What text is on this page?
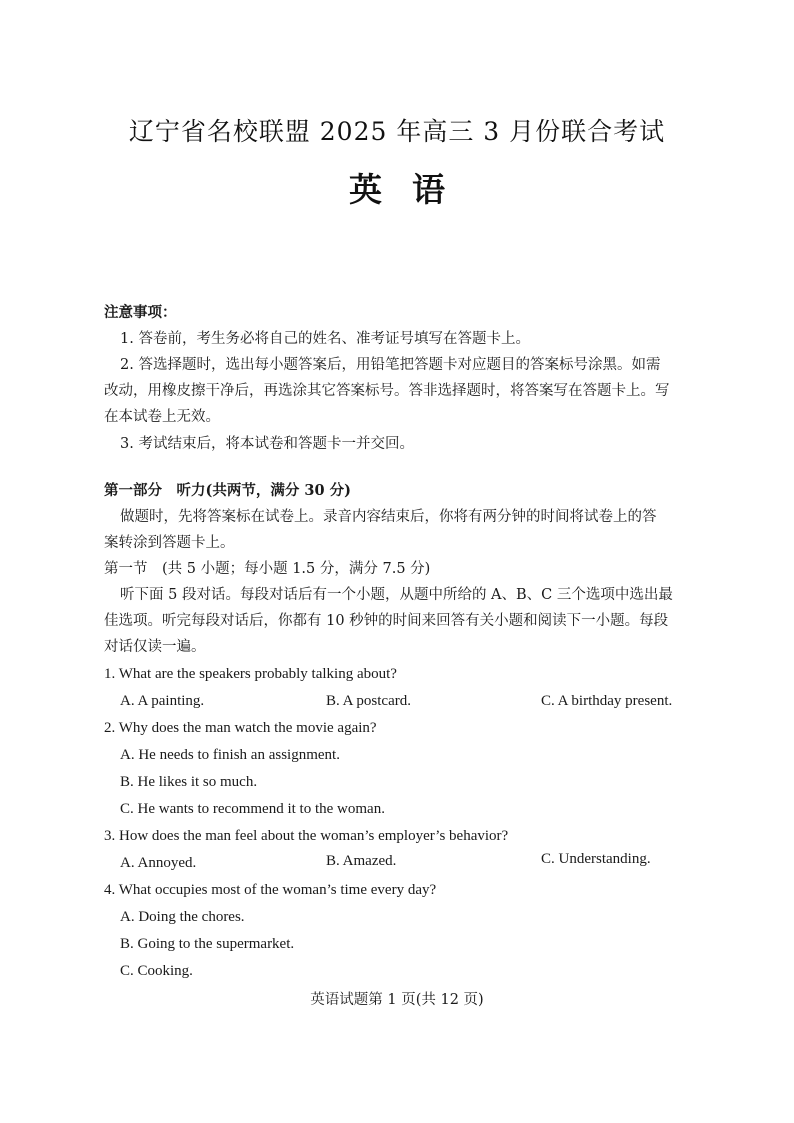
辽宁省名校联盟 2025 年高三 3 月份联合考试
英语
注意事项：
1. 答卷前，考生务必将自己的姓名、准考证号填写在答题卡上。
2. 答选择题时，选出每小题答案后，用铅笔把答题卡对应题目的答案标号涂黑。如需
改动，用橡皮擦干净后，再选涂其它答案标号。答非选择题时，将答案写在答题卡上。写
在本试卷上无效。
3. 考试结束后，将本试卷和答题卡一并交回。
第一部分　听力(共两节，满分 30 分)
做题时，先将答案标在试卷上。录音内容结束后，你将有两分钟的时间将试卷上的答
案转涂到答题卡上。
第一节　(共 5 小题；每小题 1.5 分，满分 7.5 分)
听下面 5 段对话。每段对话后有一个小题，从题中所给的 A、B、C 三个选项中选出最
佳选项。听完每段对话后，你都有 10 秒钟的时间来回答有关小题和阅读下一小题。每段
对话仅读一遍。
1. What are the speakers probably talking about?
A. A painting.	B. A postcard.	C. A birthday present.
2. Why does the man watch the movie again?
A. He needs to finish an assignment.
B. He likes it so much.
C. He wants to recommend it to the woman.
3. How does the man feel about the woman’s employer’s behavior?
A. Annoyed.	B. Amazed.	C. Understanding.
4. What occupies most of the woman’s time every day?
A. Doing the chores.
B. Going to the supermarket.
C. Cooking.
英语试题第 1 页(共 12 页)
